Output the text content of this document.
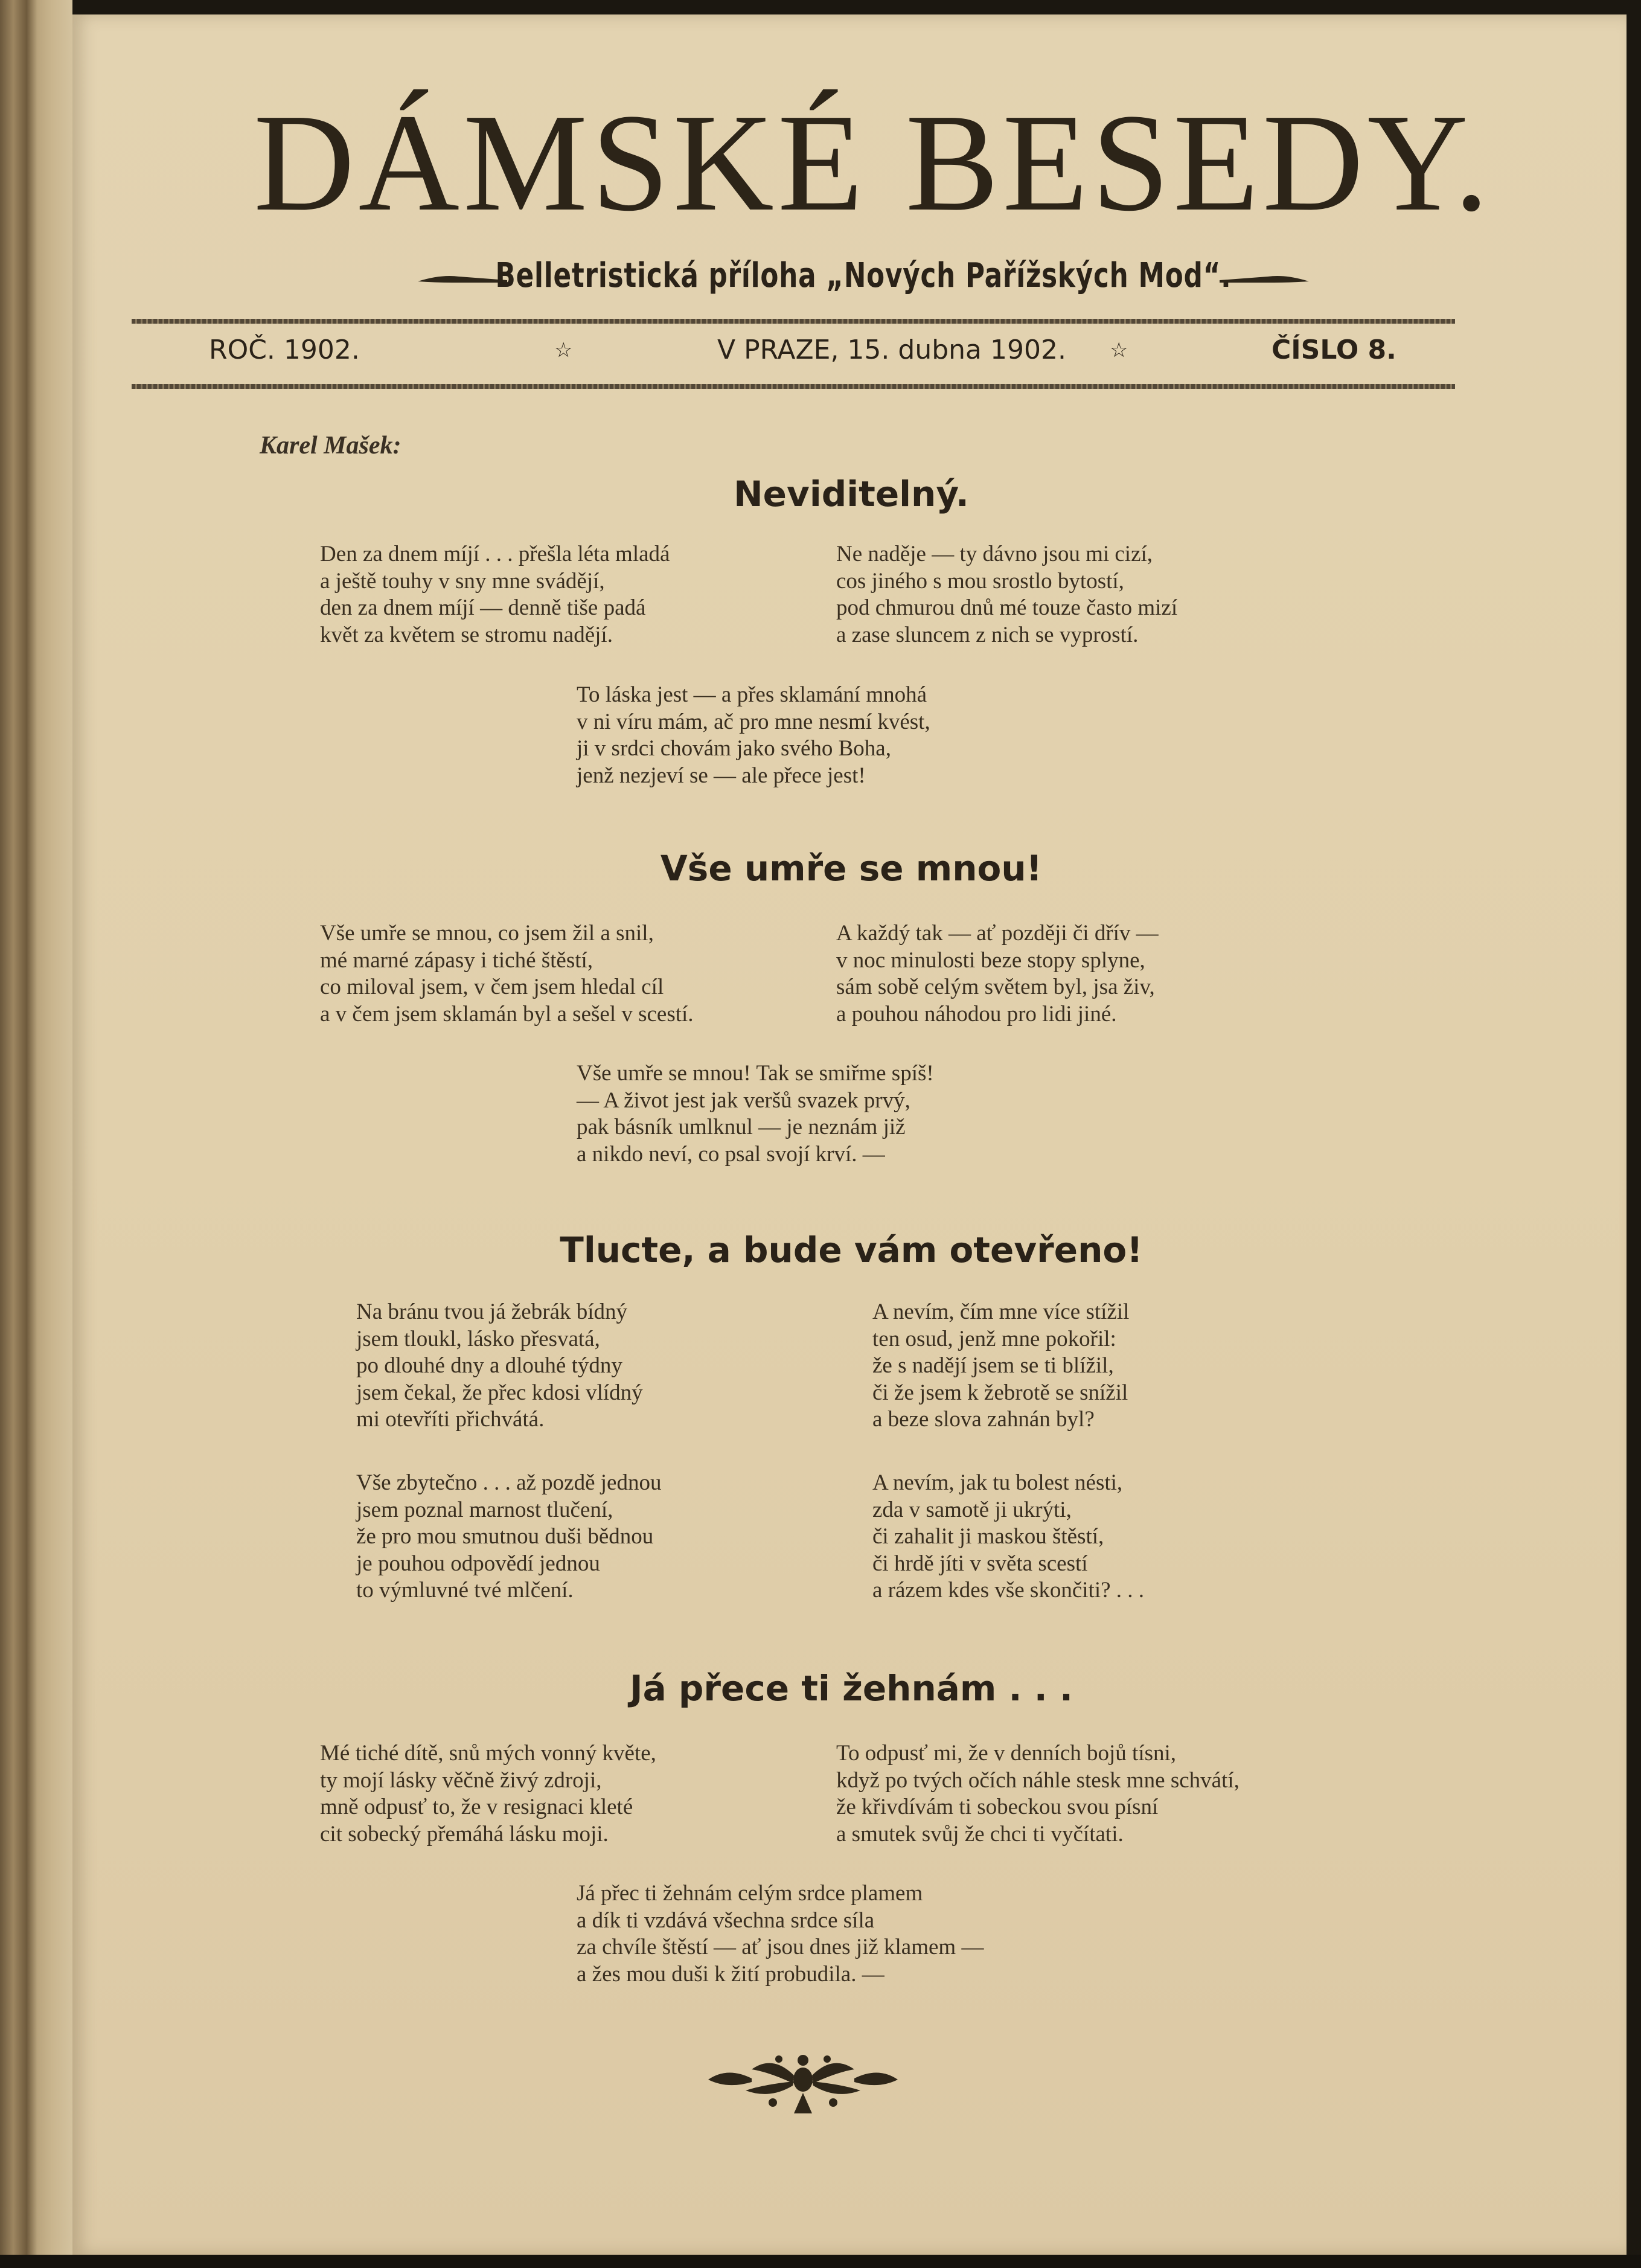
DÁMSKÉ BESEDY.

Belletristická příloha „Nových Pařížských Mod“.

ROČ. 1902.	☆	V PRAZE, 15. dubna 1902. ☆	ČÍSLO 8.
Karel Mašek:
Neviditelný.
Den za dnem míjí . . . přešla léta mladá
a ještě touhy v sny mne svádějí,
den za dnem míjí — denně tiše padá
květ za květem se stromu nadějí.
Ne naděje — ty dávno jsou mi cizí,
cos jiného s mou srostlo bytostí,
pod chmurou dnů mé touze často mizí
a zase sluncem z nich se vyprostí.
To láska jest — a přes sklamání mnohá
v ni víru mám, ač pro mne nesmí kvést,
ji v srdci chovám jako svého Boha,
jenž nezjeví se — ale přece jest!
Vše umře se mnou!
Vše umře se mnou, co jsem žil a snil,
mé marné zápasy i tiché štěstí,
co miloval jsem, v čem jsem hledal cíl
a v čem jsem sklamán byl a sešel v scestí.
A každý tak — ať později či dřív —
v noc minulosti beze stopy splyne,
sám sobě celým světem byl, jsa živ,
a pouhou náhodou pro lidi jiné.
Vše umře se mnou! Tak se smiřme spíš!
— A život jest jak veršů svazek prvý,
pak básník umlknul — je neznám již
a nikdo neví, co psal svojí krví. —
Tlucte, a bude vám otevřeno!
Na bránu tvou já žebrák bídný
jsem tloukl, lásko přesvatá,
po dlouhé dny a dlouhé týdny
jsem čekal, že přec kdosi vlídný
mi otevříti přichvátá.
A nevím, čím mne více stížil
ten osud, jenž mne pokořil:
že s nadějí jsem se ti blížil,
či že jsem k žebrotě se snížil
a beze slova zahnán byl?
Vše zbytečno . . . až pozdě jednou
jsem poznal marnost tlučení,
že pro mou smutnou duši bědnou
je pouhou odpovědí jednou
to výmluvné tvé mlčení.
A nevím, jak tu bolest nésti,
zda v samotě ji ukrýti,
či zahalit ji maskou štěstí,
či hrdě jíti v světa scestí
a rázem kdes vše skončiti? . . .
Já přece ti žehnám . . .
Mé tiché dítě, snů mých vonný květe,
ty mojí lásky věčně živý zdroji,
mně odpusť to, že v resignaci kleté
cit sobecký přemáhá lásku moji.
To odpusť mi, že v denních bojů tísni,
když po tvých očích náhle stesk mne schvátí,
že křivdívám ti sobeckou svou písní
a smutek svůj že chci ti vyčítati.
Já přec ti žehnám celým srdce plamem
a dík ti vzdává všechna srdce síla
za chvíle štěstí — ať jsou dnes již klamem —
a žes mou duši k žití probudila. —
